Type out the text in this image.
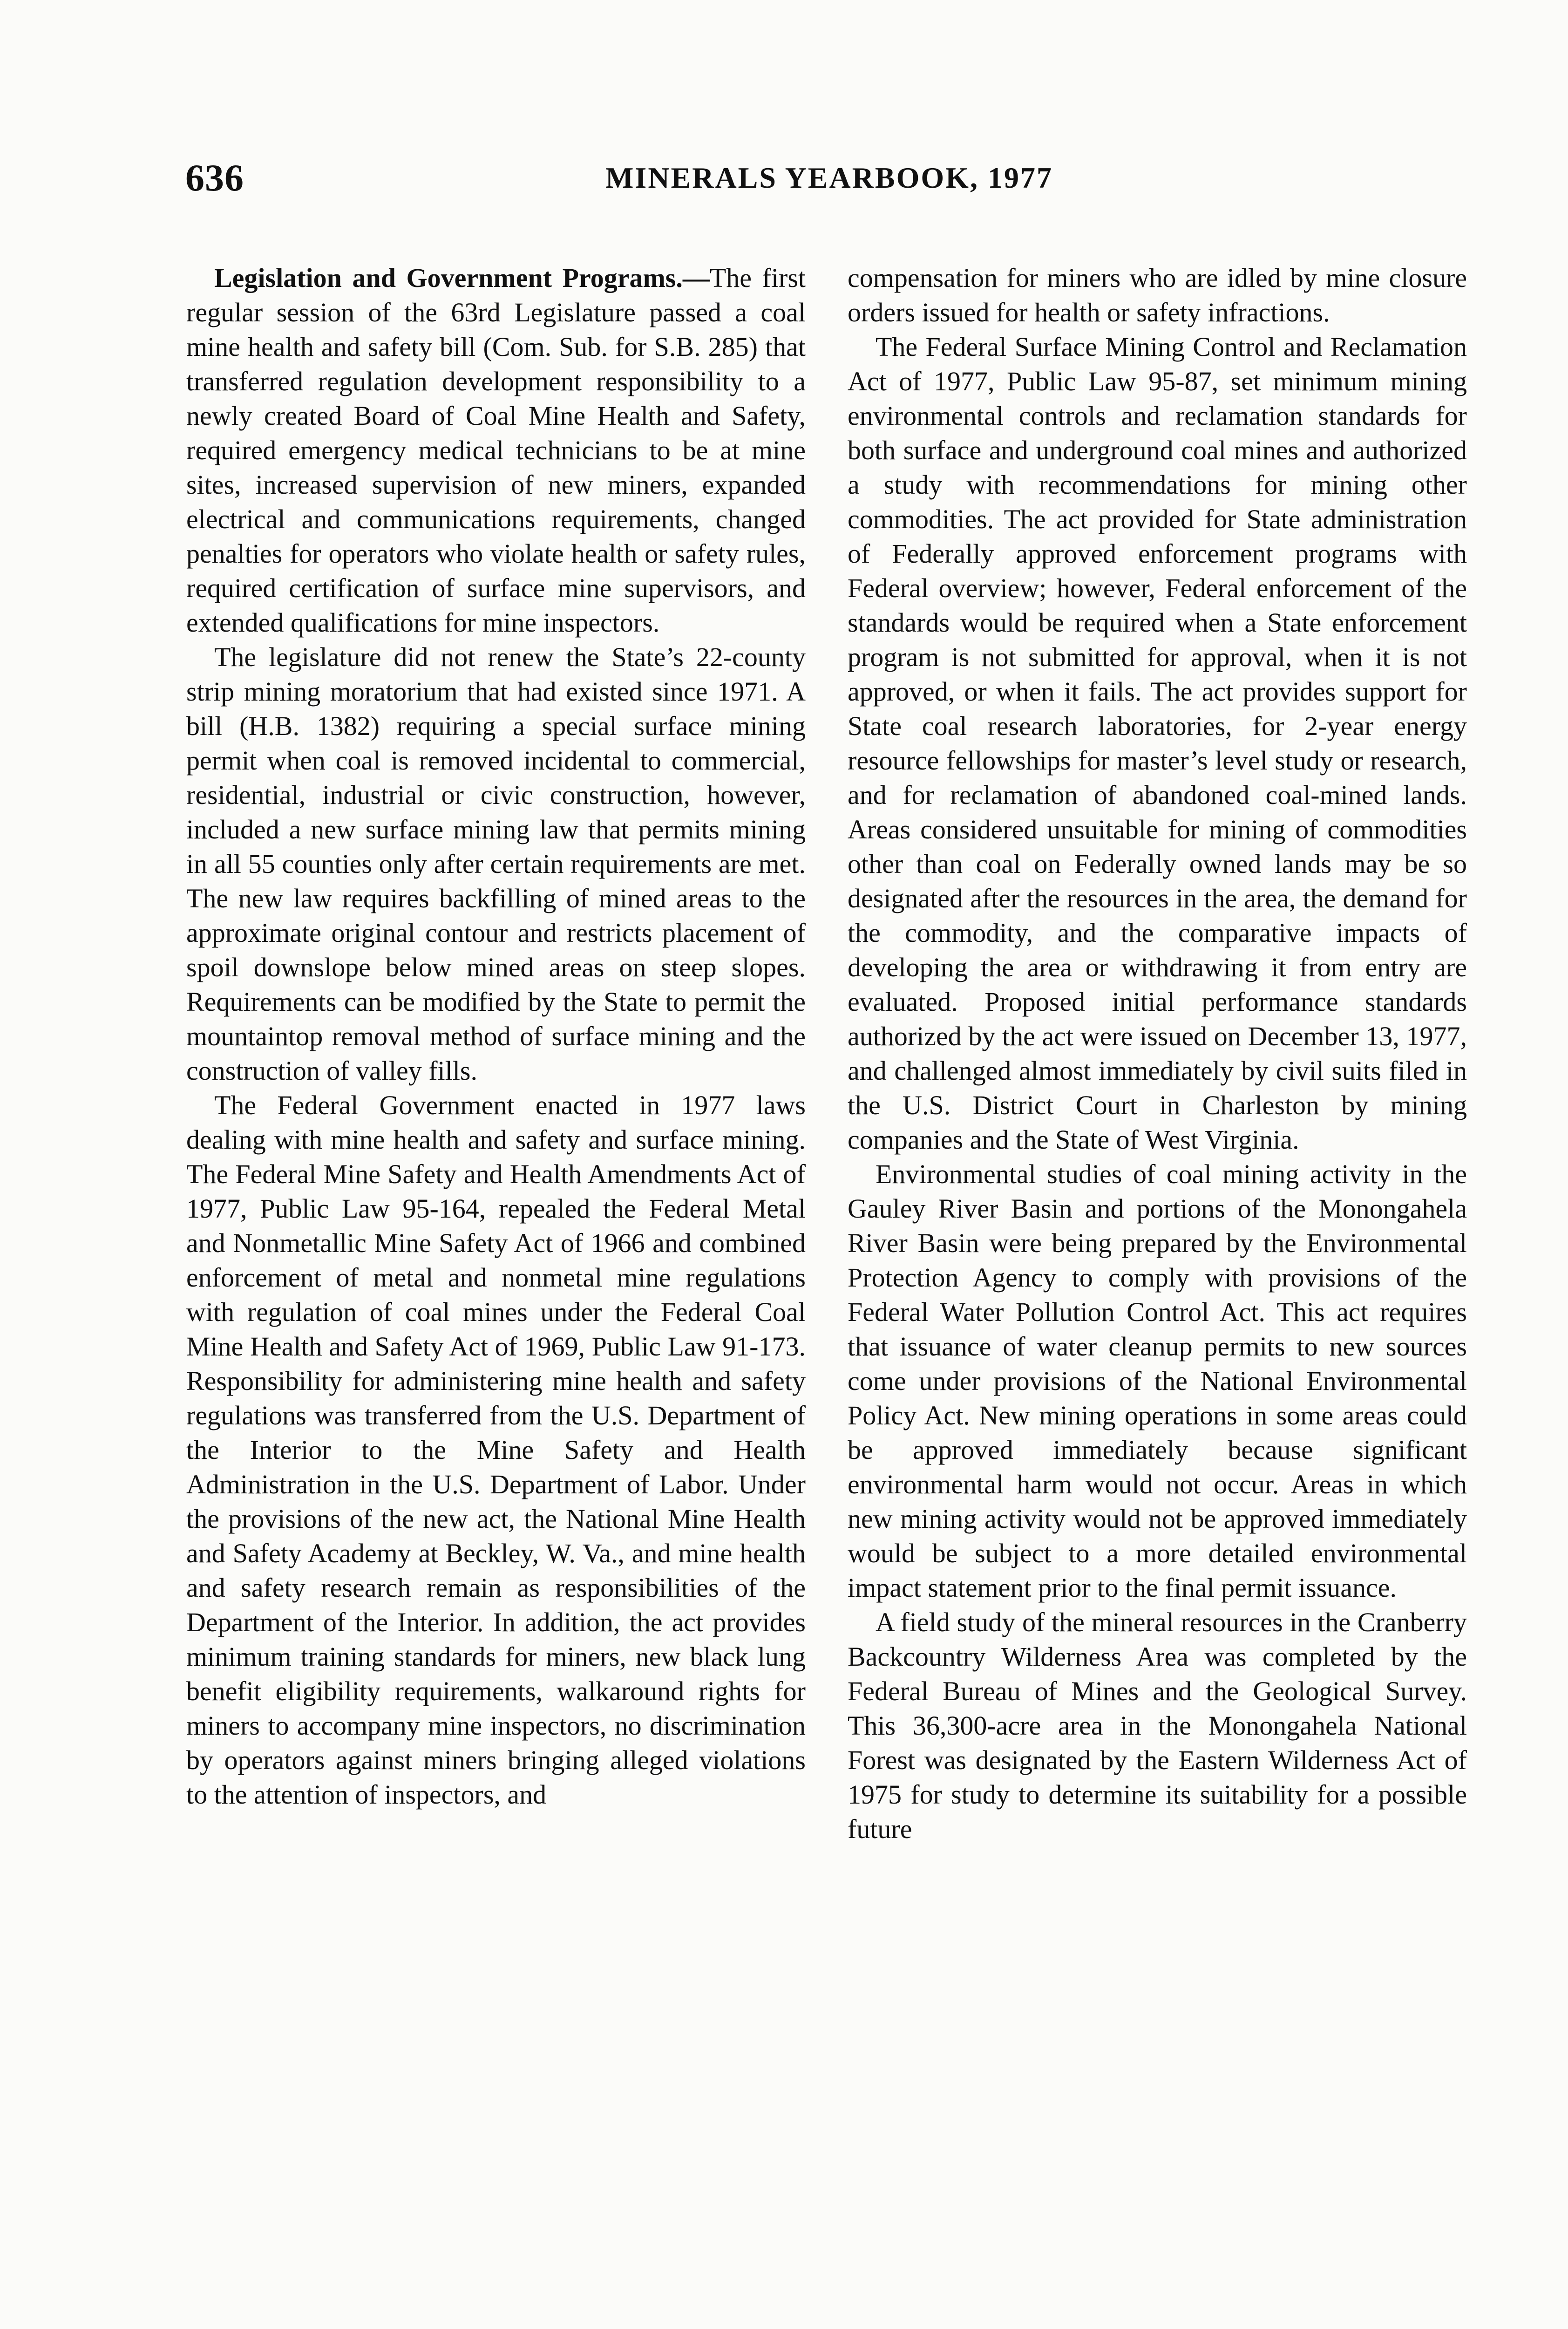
636	MINERALS YEARBOOK, 1977

Legislation and Government Programs.—The first regular session of the 63rd Legislature passed a coal mine health and safety bill (Com. Sub. for S.B. 285) that transferred regulation development responsibility to a newly created Board of Coal Mine Health and Safety, required emergency medical technicians to be at mine sites, increased supervision of new miners, expanded electrical and communications requirements, changed penalties for operators who violate health or safety rules, required certification of surface mine supervisors, and extended qualifications for mine inspectors.

The legislature did not renew the State’s 22-county strip mining moratorium that had existed since 1971. A bill (H.B. 1382) requiring a special surface mining permit when coal is removed incidental to commercial, residential, industrial or civic construction, however, included a new surface mining law that permits mining in all 55 counties only after certain requirements are met. The new law requires backfilling of mined areas to the approximate original contour and restricts placement of spoil downslope below mined areas on steep slopes. Requirements can be modified by the State to permit the mountaintop removal method of surface mining and the construction of valley fills.

The Federal Government enacted in 1977 laws dealing with mine health and safety and surface mining. The Federal Mine Safety and Health Amendments Act of 1977, Public Law 95-164, repealed the Federal Metal and Nonmetallic Mine Safety Act of 1966 and combined enforcement of metal and nonmetal mine regulations with regulation of coal mines under the Federal Coal Mine Health and Safety Act of 1969, Public Law 91-173. Responsibility for administering mine health and safety regulations was transferred from the U.S. Department of the Interior to the Mine Safety and Health Administration in the U.S. Department of Labor. Under the provisions of the new act, the National Mine Health and Safety Academy at Beckley, W. Va., and mine health and safety research remain as responsibilities of the Department of the Interior. In addition, the act provides minimum training standards for miners, new black lung benefit eligibility requirements, walkaround rights for miners to accompany mine inspectors, no discrimination by operators against miners bringing alleged violations to the attention of inspectors, and

compensation for miners who are idled by mine closure orders issued for health or safety infractions.

The Federal Surface Mining Control and Reclamation Act of 1977, Public Law 95-87, set minimum mining environmental controls and reclamation standards for both surface and underground coal mines and authorized a study with recommendations for mining other commodities. The act provided for State administration of Federally approved enforcement programs with Federal overview; however, Federal enforcement of the standards would be required when a State enforcement program is not submitted for approval, when it is not approved, or when it fails. The act provides support for State coal research laboratories, for 2-year energy resource fellowships for master’s level study or research, and for reclamation of abandoned coal-mined lands. Areas considered unsuitable for mining of commodities other than coal on Federally owned lands may be so designated after the resources in the area, the demand for the commodity, and the comparative impacts of developing the area or withdrawing it from entry are evaluated. Proposed initial performance standards authorized by the act were issued on December 13, 1977, and challenged almost immediately by civil suits filed in the U.S. District Court in Charleston by mining companies and the State of West Virginia.

Environmental studies of coal mining activity in the Gauley River Basin and portions of the Monongahela River Basin were being prepared by the Environmental Protection Agency to comply with provisions of the Federal Water Pollution Control Act. This act requires that issuance of water cleanup permits to new sources come under provisions of the National Environmental Policy Act. New mining operations in some areas could be approved immediately because significant environmental harm would not occur. Areas in which new mining activity would not be approved immediately would be subject to a more detailed environmental impact statement prior to the final permit issuance.

A field study of the mineral resources in the Cranberry Backcountry Wilderness Area was completed by the Federal Bureau of Mines and the Geological Survey. This 36,300-acre area in the Monongahela National Forest was designated by the Eastern Wilderness Act of 1975 for study to determine its suitability for a possible future
